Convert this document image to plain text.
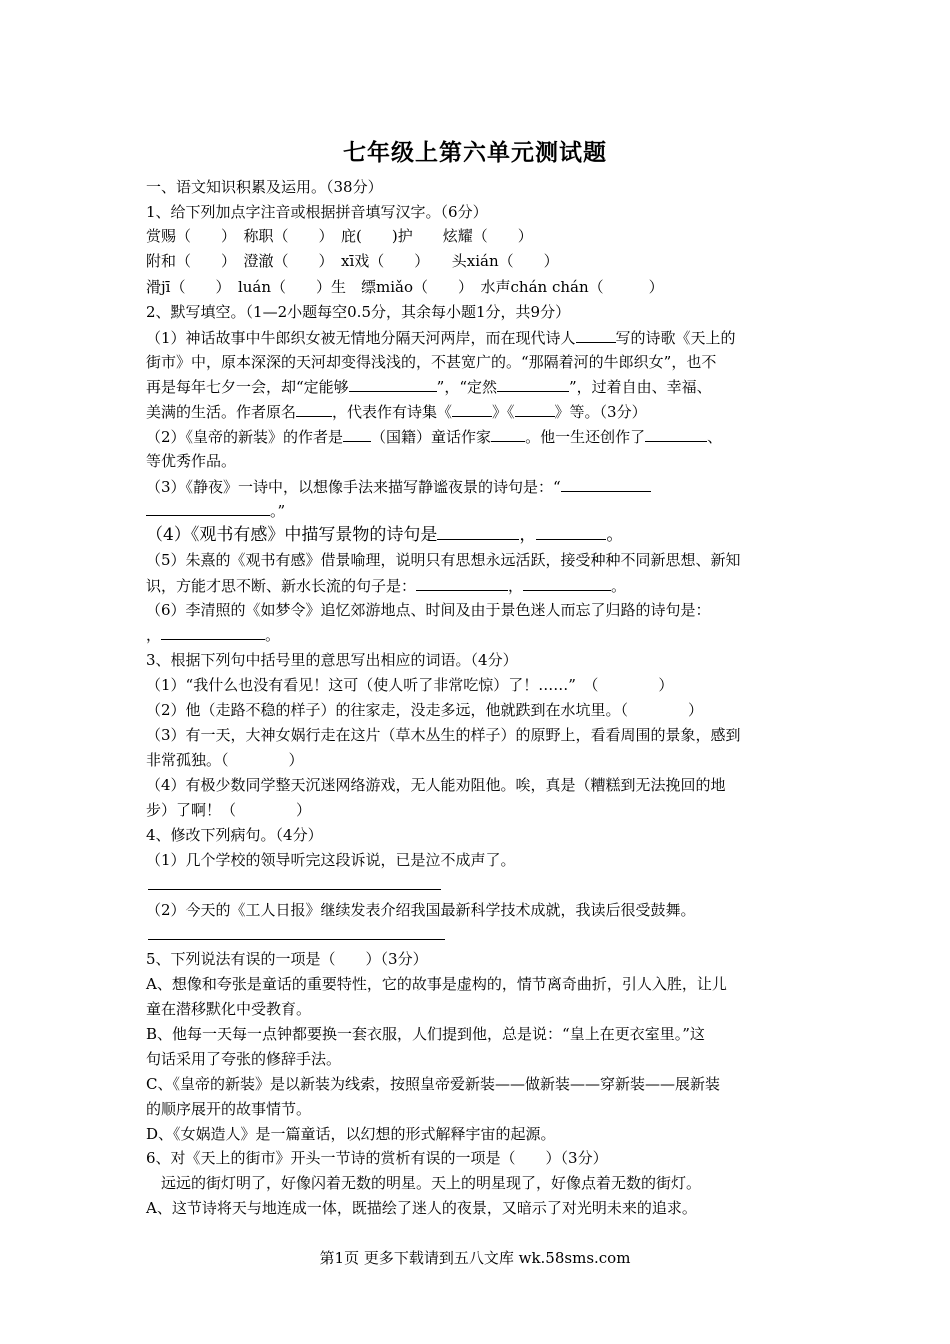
七年级上第六单元测试题
一、语文知识积累及运用。（38分）
1、给下列加点字注音或根据拼音填写汉字。（6分）
赏赐（　　）　称职（　　）　庇(　　)护　　炫耀（　　）
附和（　　）　澄澈（　　）　xī戏（　　）　　头xián（　　）
滑jī（　　）　luán（　　）生　缥miǎo（　　）　水声chán chán（　　　）
2、默写填空。（1—2小题每空0.5分，其余每小题1分，共9分）
（1）神话故事中牛郎织女被无情地分隔天河两岸，而在现代诗人	写的诗歌《天上的
街市》中，原本深深的天河却变得浅浅的，不甚宽广的。“那隔着河的牛郎织女”，也不
再是每年七夕一会，却“定能够	”，“定然	”，过着自由、幸福、
美满的生活。作者原名 ，代表作有诗集《	》《	》等。（3分）
（2）《皇帝的新装》的作者是 （国籍）童话作家 。他一生还创作了	、
等优秀作品。
（3）《静夜》一诗中，以想像手法来描写静谧夜景的诗句是：“
。”
（4）《观书有感》中描写景物的诗句是	，	。
（5）朱熹的《观书有感》借景喻理，说明只有思想永远活跃，接受种种不同新思想、新知
识，方能才思不断、新水长流的句子是：	，	。
（6）李清照的《如梦令》追忆郊游地点、时间及由于景色迷人而忘了归路的诗句是：
，	。
3、根据下列句中括号里的意思写出相应的词语。（4分）
（1）“我什么也没有看见！这可（使人听了非常吃惊）了！……”　（　　　　）
（2）他（走路不稳的样子）的往家走，没走多远，他就跌到在水坑里。（　　　　）
（3）有一天，大神女娲行走在这片（草木丛生的样子）的原野上，看看周围的景象，感到
非常孤独。（　　　　）
（4）有极少数同学整天沉迷网络游戏，无人能劝阻他。唉，真是（糟糕到无法挽回的地
步）了啊！（　　　　）
4、修改下列病句。（4分）
（1）几个学校的领导听完这段诉说，已是泣不成声了。
（2）今天的《工人日报》继续发表介绍我国最新科学技术成就，我读后很受鼓舞。
5、下列说法有误的一项是（　　）（3分）
A、想像和夸张是童话的重要特性，它的故事是虚构的，情节离奇曲折，引人入胜，让儿
童在潜移默化中受教育。
B、他每一天每一点钟都要换一套衣服，人们提到他，总是说：“皇上在更衣室里。”这
句话采用了夸张的修辞手法。
C、《皇帝的新装》是以新装为线索，按照皇帝爱新装——做新装——穿新装——展新装
的顺序展开的故事情节。
D、《女娲造人》是一篇童话，以幻想的形式解释宇宙的起源。
6、对《天上的街市》开头一节诗的赏析有误的一项是（　　）（3分）
　远远的街灯明了，好像闪着无数的明星。天上的明星现了，好像点着无数的街灯。
A、这节诗将天与地连成一体，既描绘了迷人的夜景，又暗示了对光明未来的追求。
第1页 更多下载请到五八文库 wk.58sms.com
